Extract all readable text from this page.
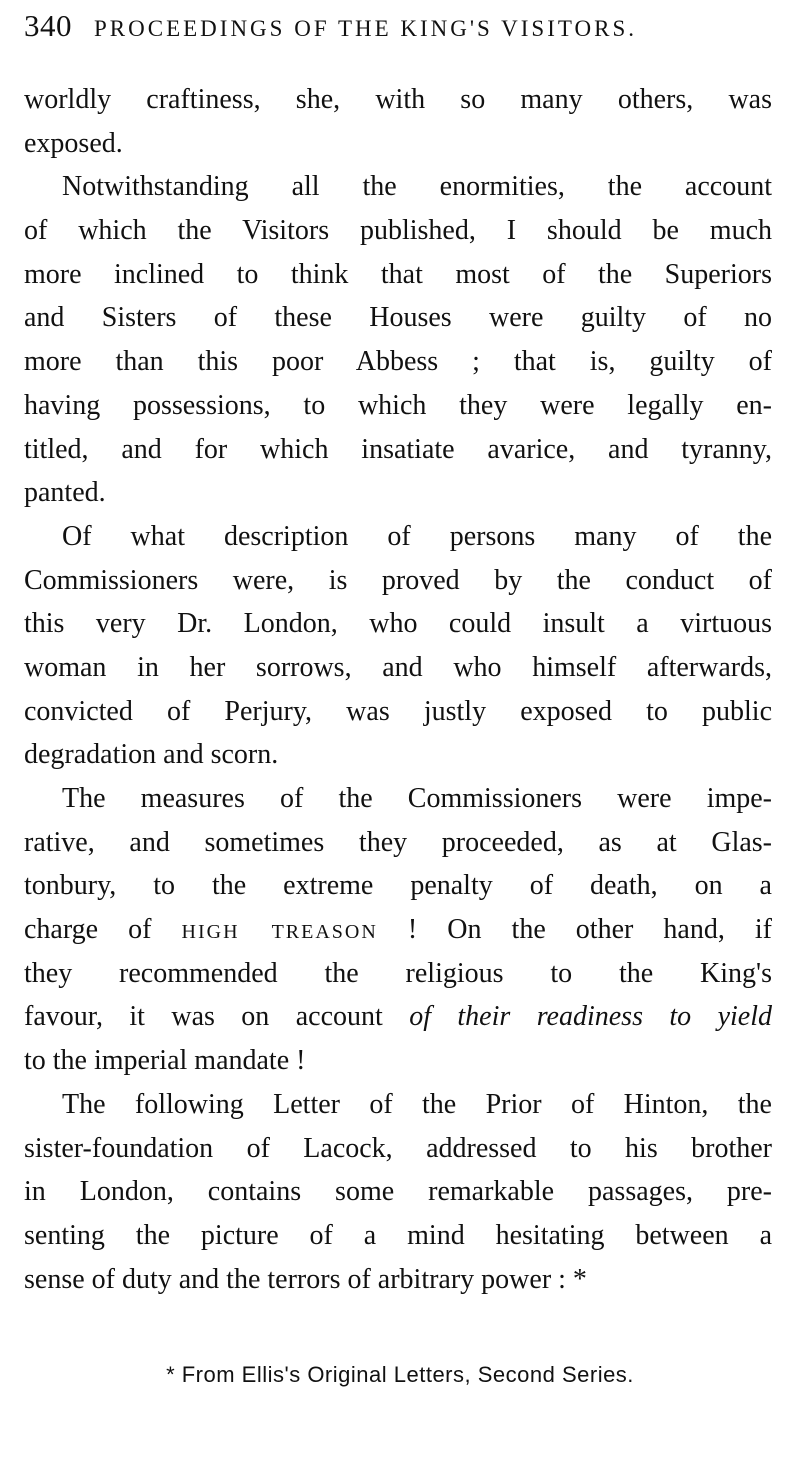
340 PROCEEDINGS OF THE KING'S VISITORS.
worldly craftiness, she, with so many others, was
exposed.
Notwithstanding all the enormities, the account
of which the Visitors published, I should be much
more inclined to think that most of the Superiors
and Sisters of these Houses were guilty of no
more than this poor Abbess ; that is, guilty of
having possessions, to which they were legally en-
titled, and for which insatiate avarice, and tyranny,
panted.
Of what description of persons many of the
Commissioners were, is proved by the conduct of
this very Dr. London, who could insult a virtuous
woman in her sorrows, and who himself afterwards,
convicted of Perjury, was justly exposed to public
degradation and scorn.
The measures of the Commissioners were impe-
rative, and sometimes they proceeded, as at Glas-
tonbury, to the extreme penalty of death, on a
charge of high treason ! On the other hand, if
they recommended the religious to the King's
favour, it was on account of their readiness to yield
to the imperial mandate !
The following Letter of the Prior of Hinton, the
sister-foundation of Lacock, addressed to his brother
in London, contains some remarkable passages, pre-
senting the picture of a mind hesitating between a
sense of duty and the terrors of arbitrary power : *
* From Ellis's Original Letters, Second Series.
